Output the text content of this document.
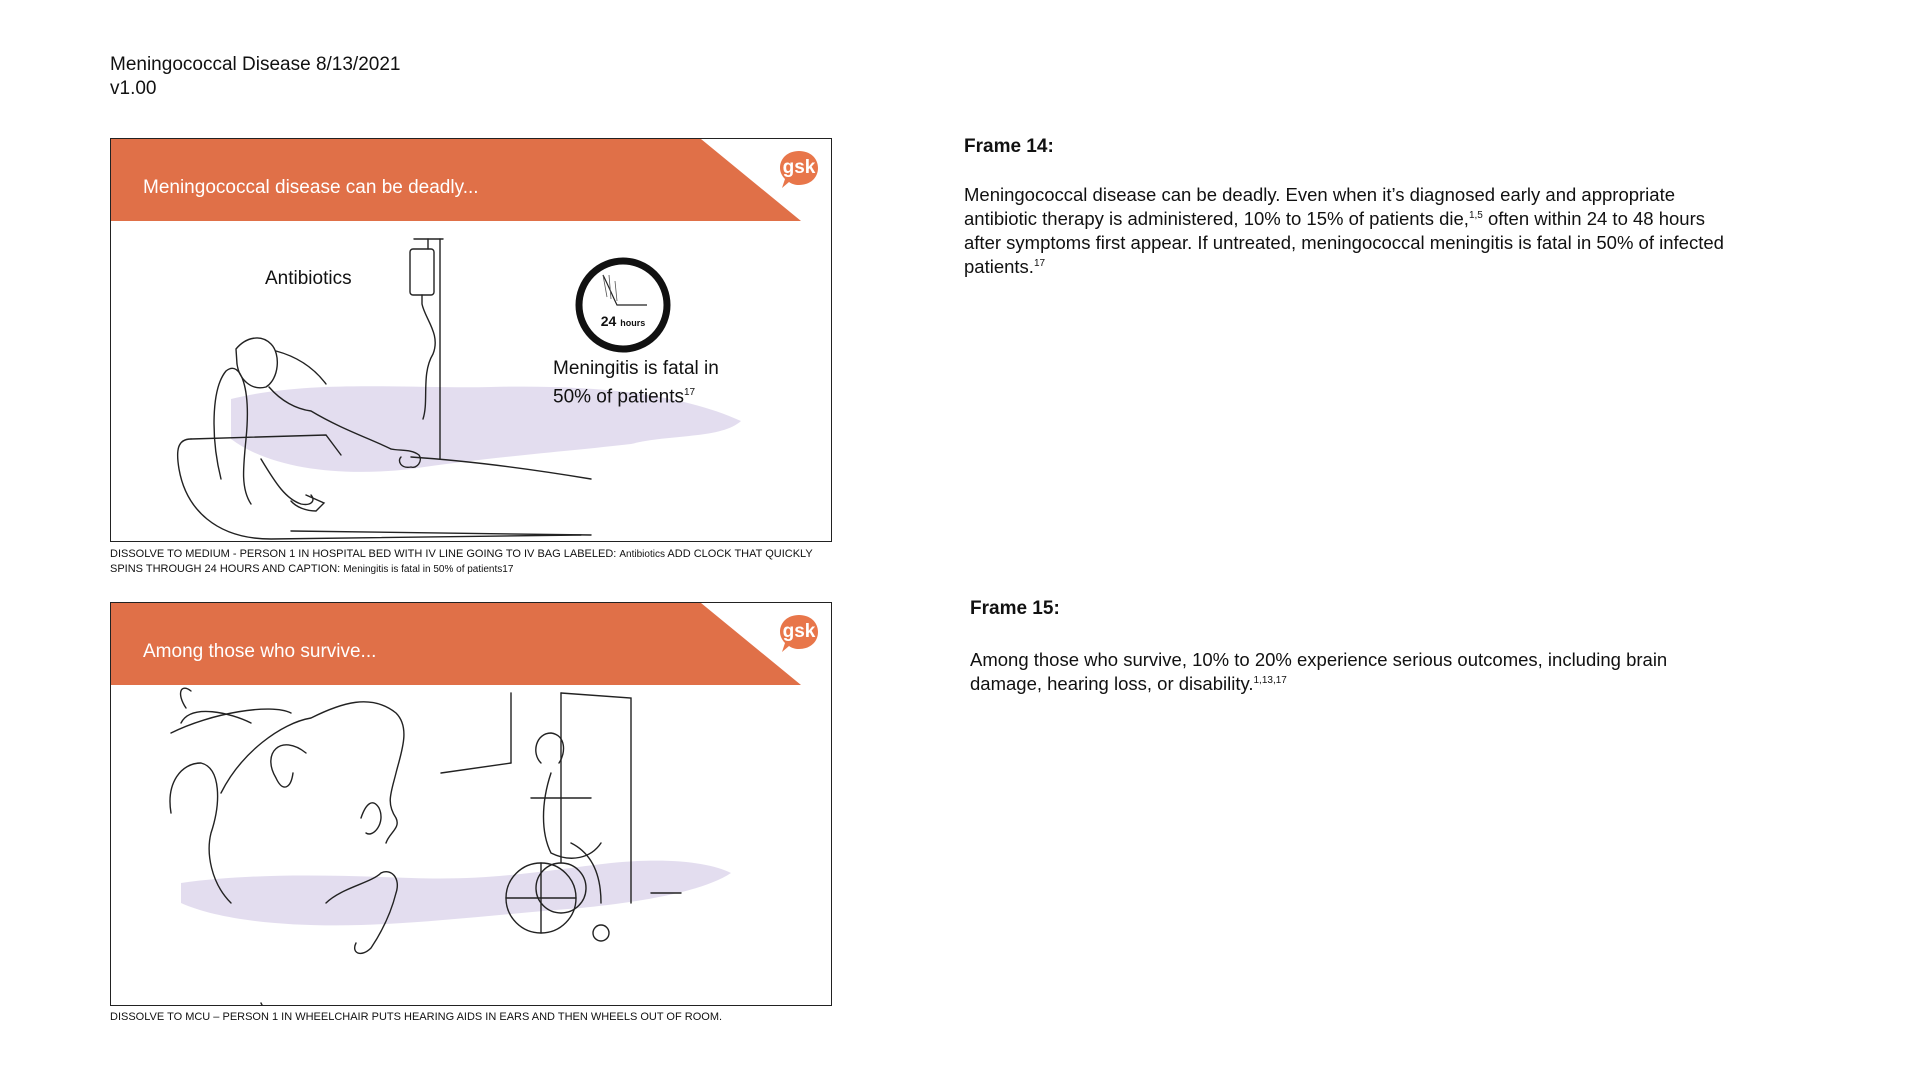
Meningococcal Disease 8/13/2021
v1.00
Meningococcal disease can be deadly...
gsk
Antibiotics
24 hours
Meningitis is fatal in
50% of patients$^{17}$
DISSOLVE TO MEDIUM - PERSON 1 IN HOSPITAL BED WITH IV LINE GOING TO IV BAG LABELED: Antibiotics ADD CLOCK THAT QUICKLY SPINS THROUGH 24 HOURS AND CAPTION: Meningitis is fatal in 50% of patients17
Frame 14:
Meningococcal disease can be deadly. Even when it’s diagnosed early and appropriate antibiotic therapy is administered, 10% to 15% of patients die,$^{1,5}$ often within 24 to 48 hours after symptoms first appear. If untreated, meningococcal meningitis is fatal in 50% of infected patients.$^{17}$
Among those who survive...
gsk
DISSOLVE TO MCU – PERSON 1 IN WHEELCHAIR PUTS HEARING AIDS IN EARS AND THEN WHEELS OUT OF ROOM.
Frame 15:
Among those who survive, 10% to 20% experience serious outcomes, including brain damage, hearing loss, or disability.$^{1,13,17}$
